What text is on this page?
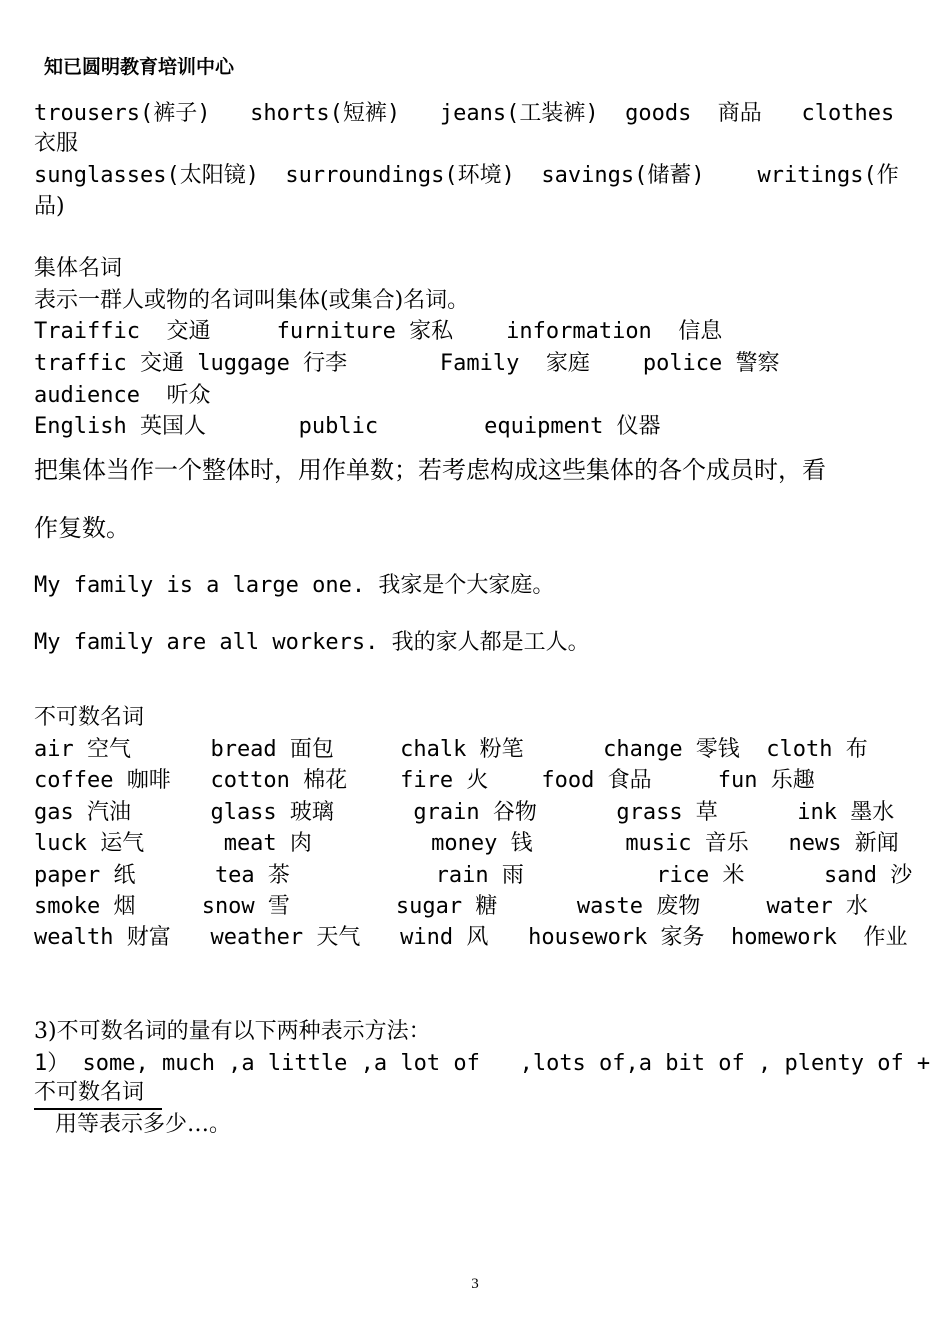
知已圆明教育培训中心
trousers(裤子)   shorts(短裤)   jeans(工装裤)  goods  商品   clothes
衣服
sunglasses(太阳镜)  surroundings(环境)  savings(储蓄)    writings(作
品)
集体名词
表示一群人或物的名词叫集体(或集合)名词。
Traiffic  交通     furniture 家私    information  信息
traffic 交通 luggage 行李       Family  家庭    police 警察
audience  听众
English 英国人       public        equipment 仪器
把集体当作一个整体时，用作单数；若考虑构成这些集体的各个成员时，看
作复数。
My family is a large one. 我家是个大家庭。
My family are all workers. 我的家人都是工人。
不可数名词
air 空气      bread 面包     chalk 粉笔      change 零钱  cloth 布
coffee 咖啡   cotton 棉花    fire 火    food 食品     fun 乐趣
gas 汽油      glass 玻璃      grain 谷物      grass 草      ink 墨水
luck 运气      meat 肉         money 钱       music 音乐   news 新闻
paper 纸      tea 茶           rain 雨          rice 米      sand 沙
smoke 烟     snow 雪        sugar 糖      waste 废物     water 水
wealth 财富   weather 天气   wind 风   housework 家务  homework  作业
3)不可数名词的量有以下两种表示方法：
1） some, much ,a little ,a lot of   ,lots of,a bit of , plenty of +
不可数名词
用等表示多少…。
3
